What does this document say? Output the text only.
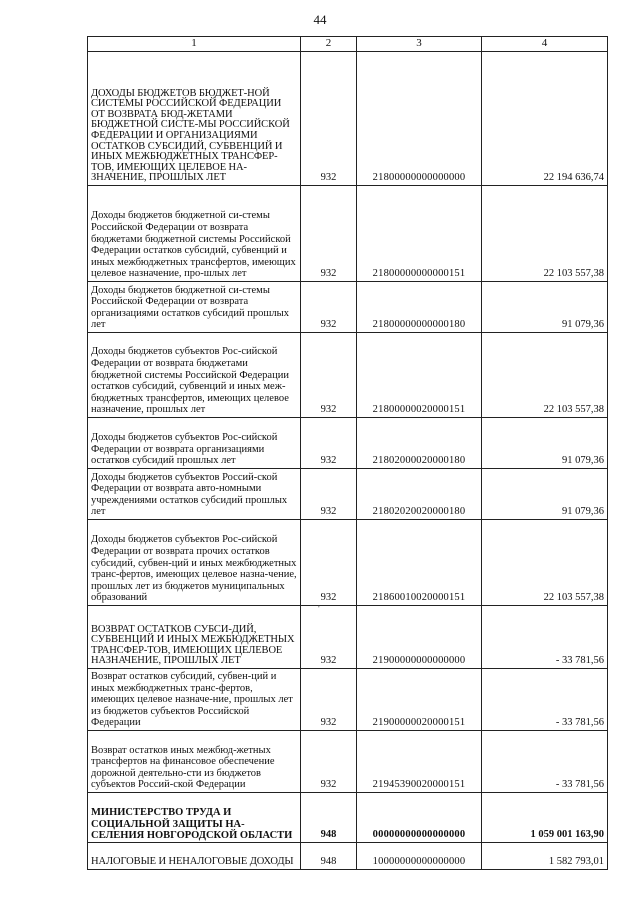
44
1	2	3	4
ДОХОДЫ БЮДЖЕТОВ БЮДЖЕТ-НОЙ СИСТЕМЫ РОССИЙСКОЙ ФЕДЕРАЦИИ ОТ ВОЗВРАТА БЮД-ЖЕТАМИ БЮДЖЕТНОЙ СИСТЕ-МЫ РОССИЙСКОЙ ФЕДЕРАЦИИ И ОРГАНИЗАЦИЯМИ ОСТАТКОВ СУБСИДИЙ, СУБВЕНЦИЙ И ИНЫХ МЕЖБЮДЖЕТНЫХ ТРАНСФЕР-ТОВ, ИМЕЮЩИХ ЦЕЛЕВОЕ НА-ЗНАЧЕНИЕ, ПРОШЛЫХ ЛЕТ	932	21800000000000000	22 194 636,74
Доходы бюджетов бюджетной си-стемы Российской Федерации от возврата бюджетами бюджетной системы Российской Федерации остатков субсидий, субвенций и иных межбюджетных трансфертов, имеющих целевое назначение, про-шлых лет	932	21800000000000151	22 103 557,38
Доходы бюджетов бюджетной си-стемы Российской Федерации от возврата организациями остатков субсидий прошлых лет	932	21800000000000180	91 079,36
Доходы бюджетов субъектов Рос-сийской Федерации от возврата бюджетами бюджетной системы Российской Федерации остатков субсидий, субвенций и иных меж-бюджетных трансфертов, имеющих целевое назначение, прошлых лет	932	21800000020000151	22 103 557,38
Доходы бюджетов субъектов Рос-сийской Федерации от возврата организациями остатков субсидий прошлых лет	932	21802000020000180	91 079,36
Доходы бюджетов субъектов Россий-ской Федерации от возврата авто-номными учреждениями остатков субсидий прошлых лет	932	21802020020000180	91 079,36
Доходы бюджетов субъектов Рос-сийской Федерации от возврата прочих остатков субсидий, субвен-ций и иных межбюджетных транс-фертов, имеющих целевое назна-чение, прошлых лет из бюджетов муниципальных образований	932	21860010020000151	22 103 557,38
ВОЗВРАТ ОСТАТКОВ СУБСИ-ДИЙ, СУБВЕНЦИЙ И ИНЫХ МЕЖБЮДЖЕТНЫХ ТРАНСФЕР-ТОВ, ИМЕЮЩИХ ЦЕЛЕВОЕ НАЗНАЧЕНИЕ, ПРОШЛЫХ ЛЕТ	932	21900000000000000	- 33 781,56
Возврат остатков субсидий, субвен-ций и иных межбюджетных транс-фертов, имеющих целевое назначе-ние, прошлых лет из бюджетов субъектов Российской Федерации	932	21900000020000151	- 33 781,56
Возврат остатков иных межбюд-жетных трансфертов на финансовое обеспечение дорожной деятельно-сти из бюджетов субъектов Россий-ской Федерации	932	21945390020000151	- 33 781,56
МИНИСТЕРСТВО ТРУДА И СОЦИАЛЬНОЙ ЗАЩИТЫ НА-СЕЛЕНИЯ НОВГОРОДСКОЙ ОБЛАСТИ	948	00000000000000000	1 059 001 163,90
НАЛОГОВЫЕ И НЕНАЛОГОВЫЕ ДОХОДЫ	948	10000000000000000	1 582 793,01
'
